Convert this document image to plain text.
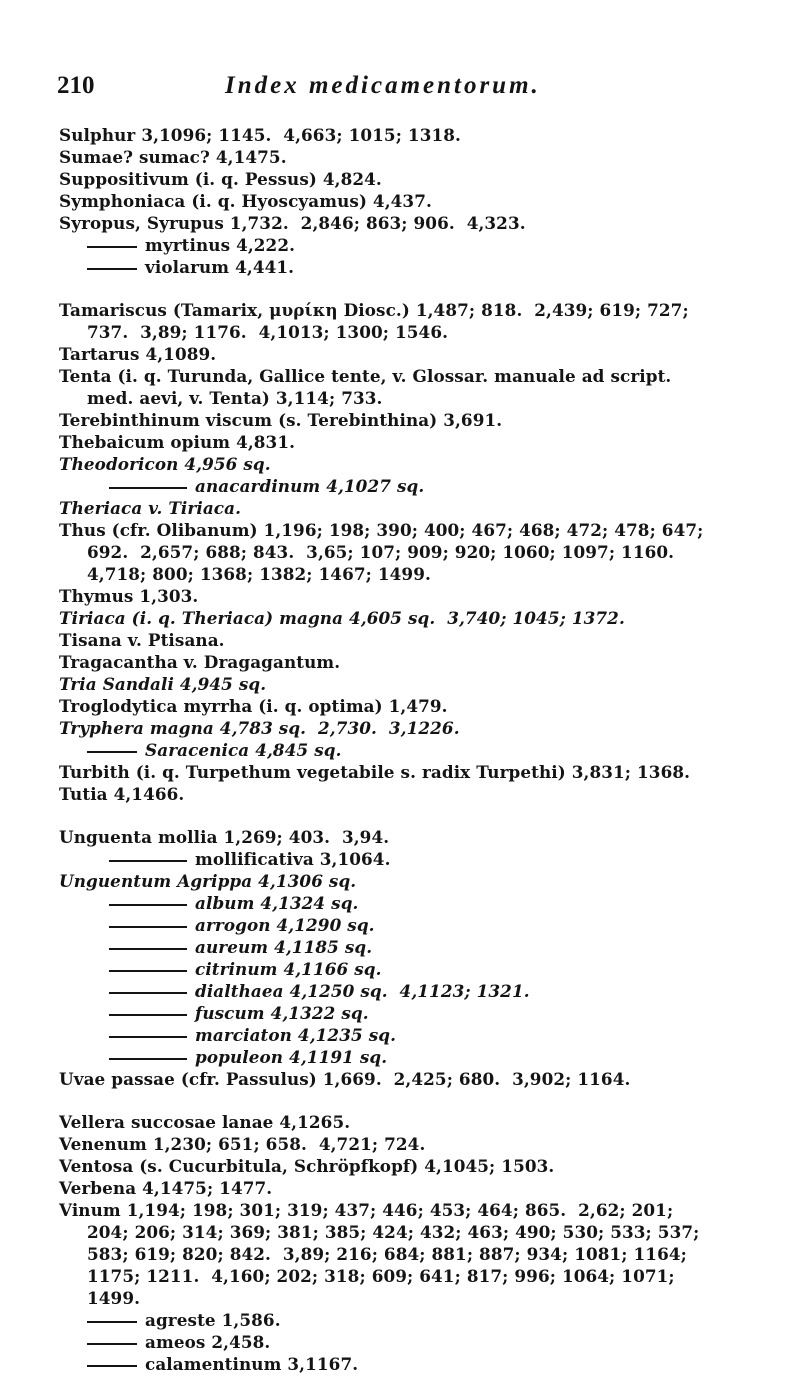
210	Index medicamentorum.
Sulphur 3,1096; 1145.  4,663; 1015; 1318.
Sumae? sumac? 4,1475.
Suppositivum (i. q. Pessus) 4,824.
Symphoniaca (i. q. Hyoscyamus) 4,437.
Syropus, Syrupus 1,732.  2,846; 863; 906.  4,323.
myrtinus 4,222.
violarum 4,441.
Tamariscus (Tamarix, μυρίκη Diosc.) 1,487; 818.  2,439; 619; 727;
737.  3,89; 1176.  4,1013; 1300; 1546.
Tartarus 4,1089.
Tenta (i. q. Turunda, Gallice tente, v. Glossar. manuale ad script.
med. aevi, v. Tenta) 3,114; 733.
Terebinthinum viscum (s. Terebinthina) 3,691.
Thebaicum opium 4,831.
Theodoricon 4,956 sq.
anacardinum 4,1027 sq.
Theriaca v. Tiriaca.
Thus (cfr. Olibanum) 1,196; 198; 390; 400; 467; 468; 472; 478; 647;
692.  2,657; 688; 843.  3,65; 107; 909; 920; 1060; 1097; 1160.
4,718; 800; 1368; 1382; 1467; 1499.
Thymus 1,303.
Tiriaca (i. q. Theriaca) magna 4,605 sq.  3,740; 1045; 1372.
Tisana v. Ptisana.
Tragacantha v. Dragagantum.
Tria Sandali 4,945 sq.
Troglodytica myrrha (i. q. optima) 1,479.
Tryphera magna 4,783 sq.  2,730.  3,1226.
Saracenica 4,845 sq.
Turbith (i. q. Turpethum vegetabile s. radix Turpethi) 3,831; 1368.
Tutia 4,1466.
Unguenta mollia 1,269; 403.  3,94.
mollificativa 3,1064.
Unguentum Agrippa 4,1306 sq.
album 4,1324 sq.
arrogon 4,1290 sq.
aureum 4,1185 sq.
citrinum 4,1166 sq.
dialthaea 4,1250 sq.  4,1123; 1321.
fuscum 4,1322 sq.
marciaton 4,1235 sq.
populeon 4,1191 sq.
Uvae passae (cfr. Passulus) 1,669.  2,425; 680.  3,902; 1164.
Vellera succosae lanae 4,1265.
Venenum 1,230; 651; 658.  4,721; 724.
Ventosa (s. Cucurbitula, Schröpfkopf) 4,1045; 1503.
Verbena 4,1475; 1477.
Vinum 1,194; 198; 301; 319; 437; 446; 453; 464; 865.  2,62; 201;
204; 206; 314; 369; 381; 385; 424; 432; 463; 490; 530; 533; 537;
583; 619; 820; 842.  3,89; 216; 684; 881; 887; 934; 1081; 1164;
1175; 1211.  4,160; 202; 318; 609; 641; 817; 996; 1064; 1071;
1499.
agreste 1,586.
ameos 2,458.
calamentinum 3,1167.
